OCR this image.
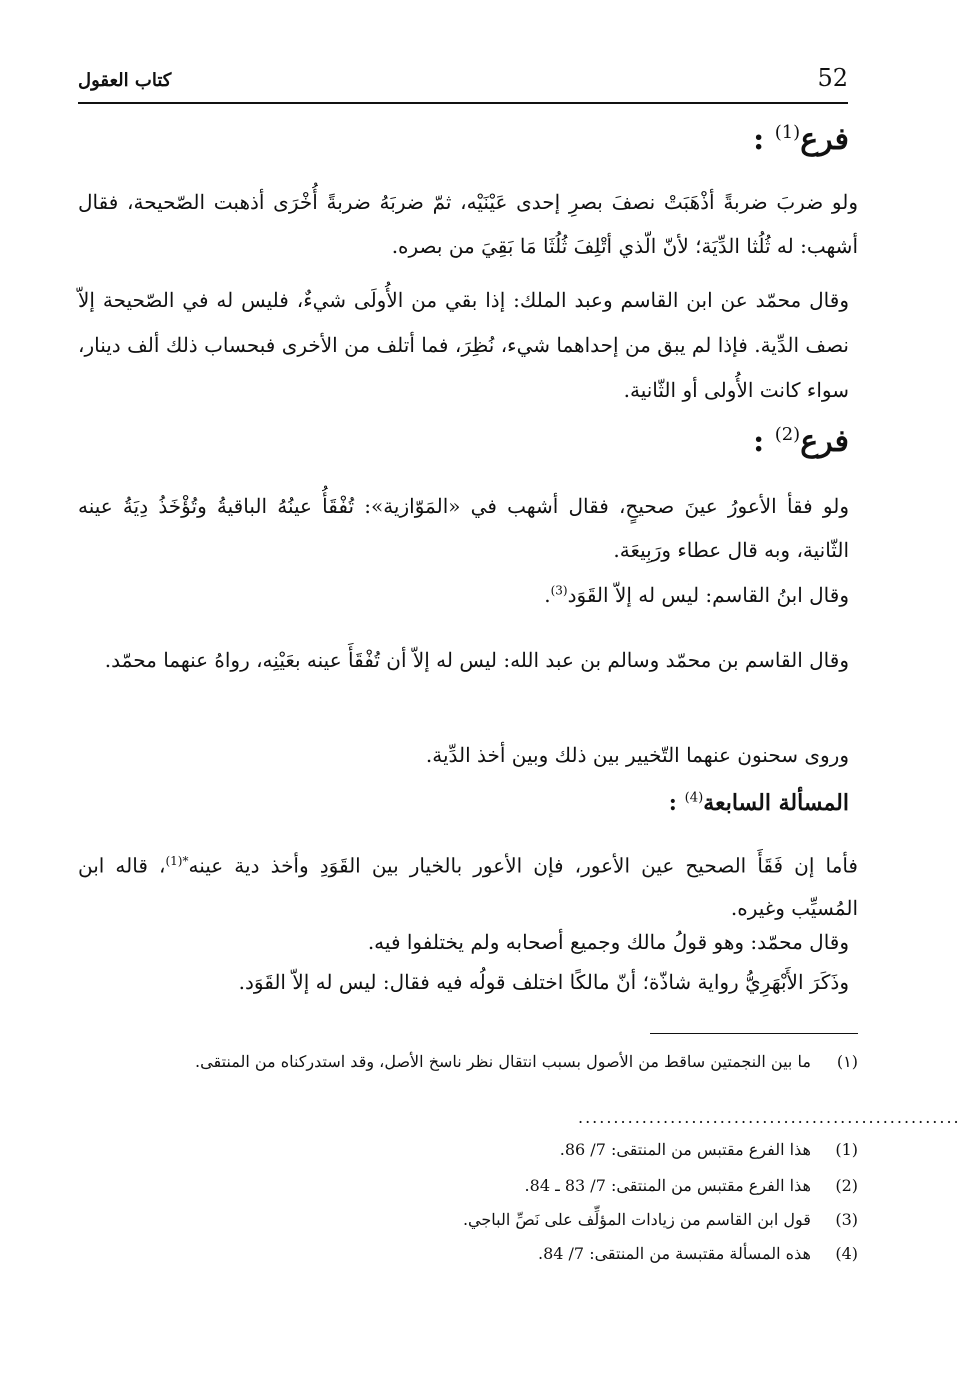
52
كتاب العقول
فرع$^{(1)}$ :
ولو ضربَ ضربةً أذْهَبَتْ نصفَ بصرِ إحدى عَيْنَيْه، ثمّ ضربَهُ ضربةً أُخْرَى أذهبت الصّحيحة، فقال أشهب: له ثُلُثا الدِّيَة؛ لأنّ الّذي أتْلِفَ ثُلُثَا مَا بَقِيَ من بصره.
وقال محمّد عن ابن القاسم وعبد الملك: إذا بقي من الأُولَى شيءٌ، فليس له في الصّحيحة إلاّ نصف الدِّية. فإذا لم يبق من إحداهما شيء، نُظِرَ، فما أتلف من الأخرى فبحساب ذلك ألف دينار، سواء كانت الأُولى أو الثّانية.
فرع$^{(2)}$ :
ولو فقأ الأعورُ عينَ صحيحٍ، فقال أشهب في «المَوّازية»: تُفْقَأُ عينُهُ الباقيةُ وتُؤْخَذُ دِيَةُ عينه الثّانية، وبه قال عطاء ورَبِيعَة.
وقال ابنُ القاسم: ليس له إلاّ القَوَد$^{(3)}$.
وقال القاسم بن محمّد وسالم بن عبد الله: ليس له إلاّ أن تُفْقَأَ عينه بعَيْنِه، رواهُ عنهما محمّد.
وروى سحنون عنهما التّخيير بين ذلك وبين أخذ الدِّية.
المسألة السابعة$^{(4)}$ :
فأما إن فَقَأَ الصحيح عين الأعور، فإن الأعور بالخيار بين القَوَدِ وأخذ دية عينه$^{*(1)}$، قاله ابن المُسيِّب وغيره.
وقال محمّد: وهو قولُ مالك وجميع أصحابه ولم يختلفوا فيه.
وذَكَرَ الأَبْهَرِيُّ رواية شاذّة؛ أنّ مالكًا اختلف قولُه فيه فقال: ليس له إلاّ القَوَد.
(١) ما بين النجمتين ساقط من الأصول بسبب انتقال نظر ناسخ الأصل، وقد استدركناه من المنتقى.
......................................................
(1) هذا الفرع مقتبس من المنتقى: 7/ 86.
(2) هذا الفرع مقتبس من المنتقى: 7/ 83 ـ 84.
(3) قول ابن القاسم من زيادات المؤلِّف على نَصِّ الباجي.
(4) هذه المسألة مقتبسة من المنتقى: 7/ 84.
